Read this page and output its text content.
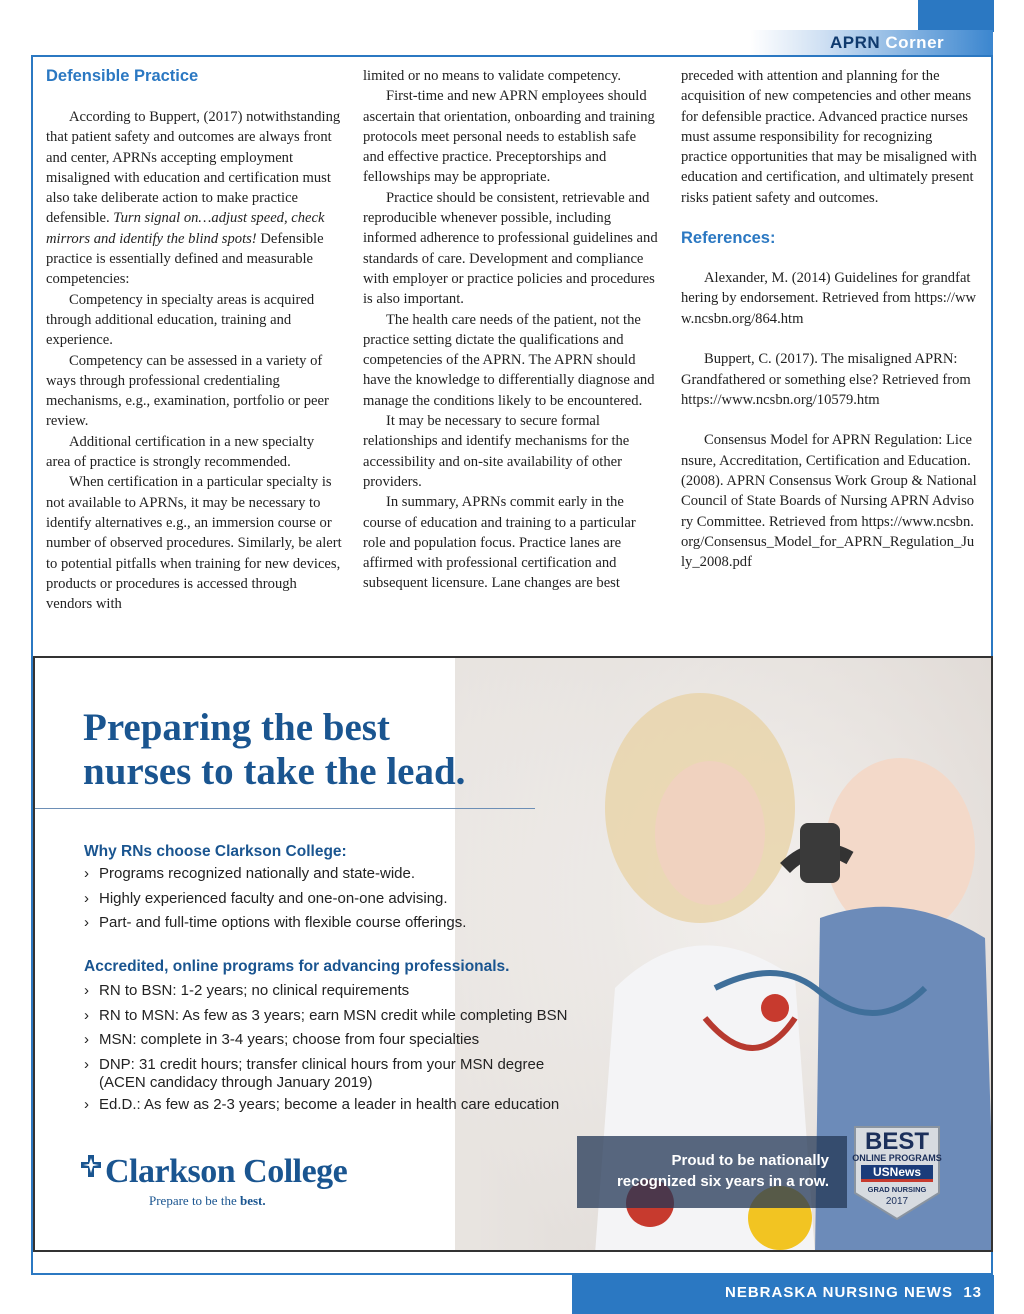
APRN Corner

Defensible Practice

According to Buppert, (2017) notwithstanding that patient safety and outcomes are always front and center, APRNs accepting employment misaligned with education and certification must also take deliberate action to make practice defensible. Turn signal on…adjust speed, check mirrors and identify the blind spots! Defensible practice is essentially defined and measurable competencies:

Competency in specialty areas is acquired through additional education, training and experience.

Competency can be assessed in a variety of ways through professional credentialing mechanisms, e.g., examination, portfolio or peer review.

Additional certification in a new specialty area of practice is strongly recommended.

When certification in a particular specialty is not available to APRNs, it may be necessary to identify alternatives e.g., an immersion course or number of observed procedures. Similarly, be alert to potential pitfalls when training for new devices, products or procedures is accessed through vendors with

limited or no means to validate competency.

First-time and new APRN employees should ascertain that orientation, onboarding and training protocols meet personal needs to establish safe and effective practice. Preceptorships and fellowships may be appropriate.

Practice should be consistent, retrievable and reproducible whenever possible, including informed adherence to professional guidelines and standards of care. Development and compliance with employer or practice policies and procedures is also important.

The health care needs of the patient, not the practice setting dictate the qualifications and competencies of the APRN. The APRN should have the knowledge to differentially diagnose and manage the conditions likely to be encountered.

It may be necessary to secure formal relationships and identify mechanisms for the accessibility and on-site availability of other providers.

In summary, APRNs commit early in the course of education and training to a particular role and population focus. Practice lanes are affirmed with professional certification and subsequent licensure. Lane changes are best

preceded with attention and planning for the acquisition of new competencies and other means for defensible practice. Advanced practice nurses must assume responsibility for recognizing practice opportunities that may be misaligned with education and certification, and ultimately present risks patient safety and outcomes.

References:

Alexander, M. (2014) Guidelines for grandfathering by endorsement. Retrieved from https://www.ncsbn.org/864.htm

Buppert, C. (2017). The misaligned APRN: Grandfathered or something else? Retrieved from https://www.ncsbn.org/10579.htm

Consensus Model for APRN Regulation: Licensure, Accreditation, Certification and Education. (2008). APRN Consensus Work Group & National Council of State Boards of Nursing APRN Advisory Committee. Retrieved from https://www.ncsbn.org/Consensus_Model_for_APRN_Regulation_July_2008.pdf

Preparing the best
nurses to take the lead.
Why RNs choose Clarkson College:
› Programs recognized nationally and state-wide.
› Highly experienced faculty and one-on-one advising.
› Part- and full-time options with flexible course offerings.
Accredited, online programs for advancing professionals.
› RN to BSN: 1-2 years; no clinical requirements
› RN to MSN: As few as 3 years; earn MSN credit while completing BSN
› MSN: complete in 3-4 years; choose from four specialties
› DNP: 31 credit hours; transfer clinical hours from your MSN degree
(ACEN candidacy through January 2019)
› Ed.D.: As few as 2-3 years; become a leader in health care education
Clarkson College
Prepare to be the best.
Proud to be nationally
recognized six years in a row.
BEST
ONLINE PROGRAMS
USNews
GRAD NURSING
2017
NEBRASKA NURSING NEWS 13
